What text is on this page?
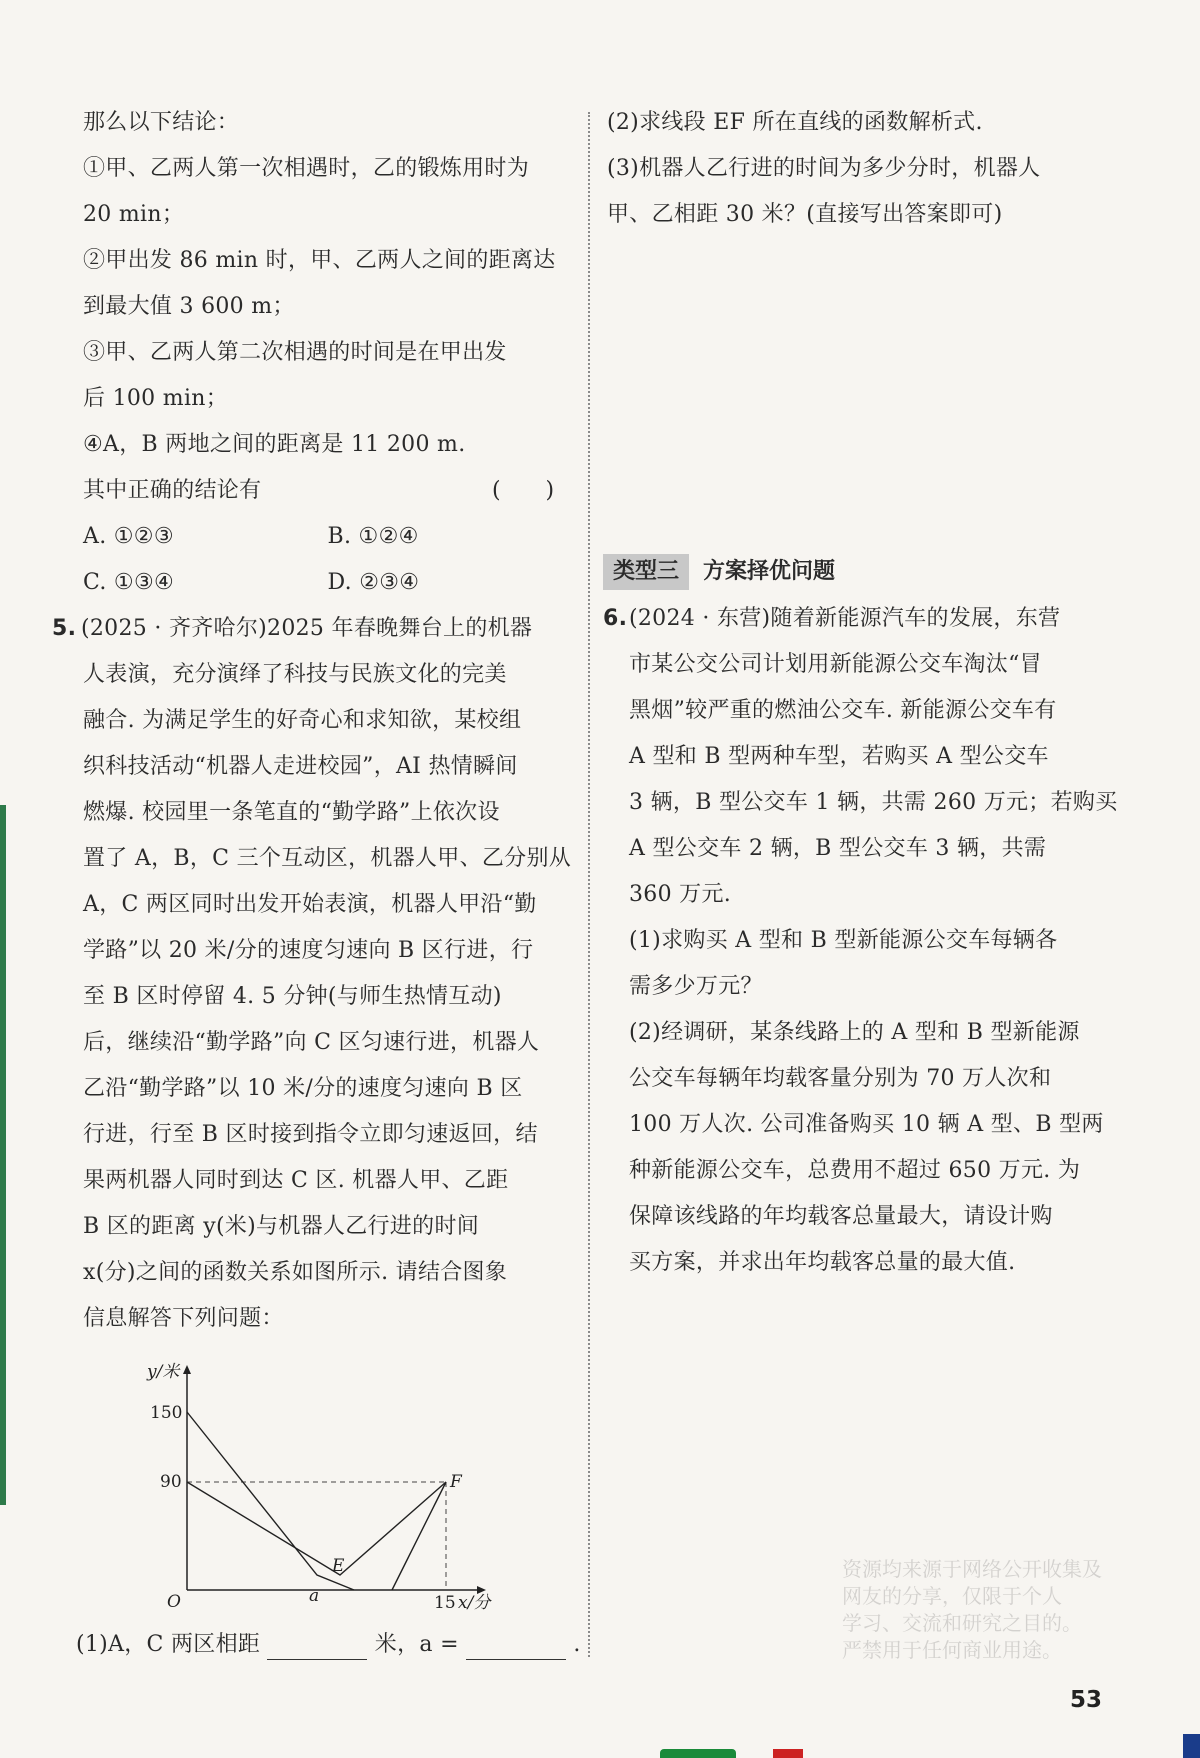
那么以下结论：
①甲、乙两人第一次相遇时，乙的锻炼用时为
20 min；
②甲出发 86 min 时，甲、乙两人之间的距离达
到最大值 3 600 m；
③甲、乙两人第二次相遇的时间是在甲出发
后 100 min；
④A，B 两地之间的距离是 11 200 m.
其中正确的结论有	(　　)
A. ①②③	B. ①②④
C. ①③④	D. ②③④
5. (2025 · 齐齐哈尔)2025 年春晚舞台上的机器
人表演，充分演绎了科技与民族文化的完美
融合. 为满足学生的好奇心和求知欲，某校组
织科技活动“机器人走进校园”，AI 热情瞬间
燃爆. 校园里一条笔直的“勤学路”上依次设
置了 A，B，C 三个互动区，机器人甲、乙分别从
A，C 两区同时出发开始表演，机器人甲沿“勤
学路”以 20 米/分的速度匀速向 B 区行进，行
至 B 区时停留 4. 5 分钟(与师生热情互动)
后，继续沿“勤学路”向 C 区匀速行进，机器人
乙沿“勤学路”以 10 米/分的速度匀速向 B 区
行进，行至 B 区时接到指令立即匀速返回，结
果两机器人同时到达 C 区. 机器人甲、乙距
B 区的距离 y(米)与机器人乙行进的时间
x(分)之间的函数关系如图所示. 请结合图象
信息解答下列问题：
y/米
150
90
O	a
E
F
15 x/分
(1)A，C 两区相距	米，a =	.
(2)求线段 EF 所在直线的函数解析式.
(3)机器人乙行进的时间为多少分时，机器人
甲、乙相距 30 米？(直接写出答案即可)
类型三 方案择优问题
6.(2024 · 东营)随着新能源汽车的发展，东营
市某公交公司计划用新能源公交车淘汰“冒
黑烟”较严重的燃油公交车. 新能源公交车有
A 型和 B 型两种车型，若购买 A 型公交车
3 辆，B 型公交车 1 辆，共需 260 万元；若购买
A 型公交车 2 辆，B 型公交车 3 辆，共需
360 万元.
(1)求购买 A 型和 B 型新能源公交车每辆各
需多少万元？
(2)经调研，某条线路上的 A 型和 B 型新能源
公交车每辆年均载客量分别为 70 万人次和
100 万人次. 公司准备购买 10 辆 A 型、B 型两
种新能源公交车，总费用不超过 650 万元. 为
保障该线路的年均载客总量最大，请设计购
买方案，并求出年均载客总量的最大值.
资源均来源于网络公开收集及
网友的分享，仅限于个人
学习、交流和研究之目的。
严禁用于任何商业用途。
53
